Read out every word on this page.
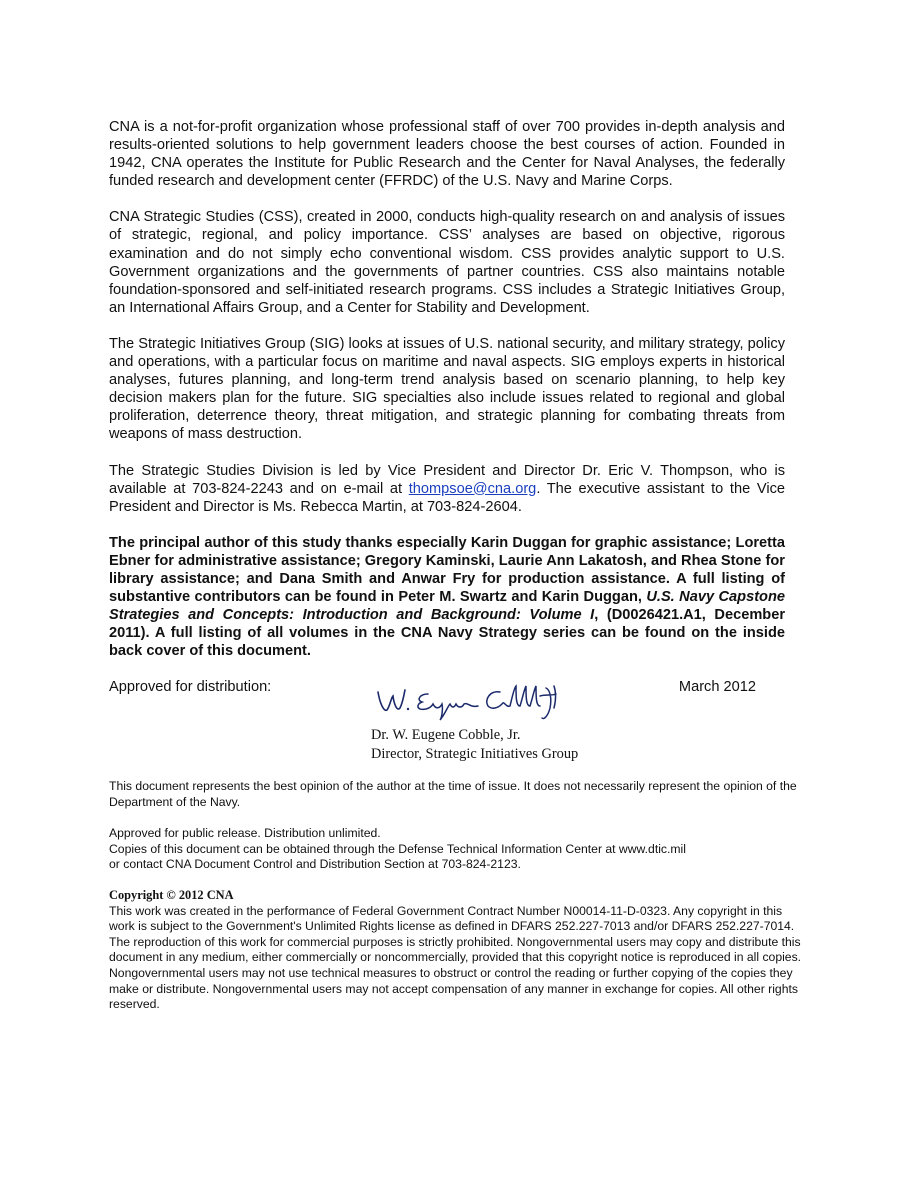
CNA is a not-for-profit organization whose professional staff of over 700 provides in-depth analysis and results-oriented solutions to help government leaders choose the best courses of action. Founded in 1942, CNA operates the Institute for Public Research and the Center for Naval Analyses, the federally funded research and development center (FFRDC) of the U.S. Navy and Marine Corps.

CNA Strategic Studies (CSS), created in 2000, conducts high-quality research on and analysis of issues of strategic, regional, and policy importance. CSS’ analyses are based on objective, rigorous examination and do not simply echo conventional wisdom. CSS provides analytic support to U.S. Government organizations and the governments of partner countries. CSS also maintains notable foundation-sponsored and self-initiated research programs. CSS includes a Strategic Initiatives Group, an International Affairs Group, and a Center for Stability and Development.

The Strategic Initiatives Group (SIG) looks at issues of U.S. national security, and military strategy, policy and operations, with a particular focus on maritime and naval aspects. SIG employs experts in historical analyses, futures planning, and long-term trend analysis based on scenario planning, to help key decision makers plan for the future. SIG specialties also include issues related to regional and global proliferation, deterrence theory, threat mitigation, and strategic planning for combating threats from weapons of mass destruction.

The Strategic Studies Division is led by Vice President and Director Dr. Eric V. Thompson, who is available at 703-824-2243 and on e-mail at thompsoe@cna.org. The executive assistant to the Vice President and Director is Ms. Rebecca Martin, at 703-824-2604.

The principal author of this study thanks especially Karin Duggan for graphic assistance; Loretta Ebner for administrative assistance; Gregory Kaminski, Laurie Ann Lakatosh, and Rhea Stone for library assistance; and Dana Smith and Anwar Fry for production assistance. A full listing of substantive contributors can be found in Peter M. Swartz and Karin Duggan, U.S. Navy Capstone Strategies and Concepts: Introduction and Background: Volume I, (D0026421.A1, December 2011). A full listing of all volumes in the CNA Navy Strategy series can be found on the inside back cover of this document.

Approved for distribution:	March 2012
Dr. W. Eugene Cobble, Jr.
Director, Strategic Initiatives Group

This document represents the best opinion of the author at the time of issue. It does not necessarily represent the opinion of the Department of the Navy.

Approved for public release. Distribution unlimited.

Copies of this document can be obtained through the Defense Technical Information Center at www.dtic.mil

or contact CNA Document Control and Distribution Section at 703-824-2123.

Copyright © 2012 CNA

This work was created in the performance of Federal Government Contract Number N00014-11-D-0323. Any copyright in this work is subject to the Government's Unlimited Rights license as defined in DFARS 252.227-7013 and/or DFARS 252.227-7014. The reproduction of this work for commercial purposes is strictly prohibited. Nongovernmental users may copy and distribute this document in any medium, either commercially or noncommercially, provided that this copyright notice is reproduced in all copies. Nongovernmental users may not use technical measures to obstruct or control the reading or further copying of the copies they make or distribute. Nongovernmental users may not accept compensation of any manner in exchange for copies. All other rights reserved.
